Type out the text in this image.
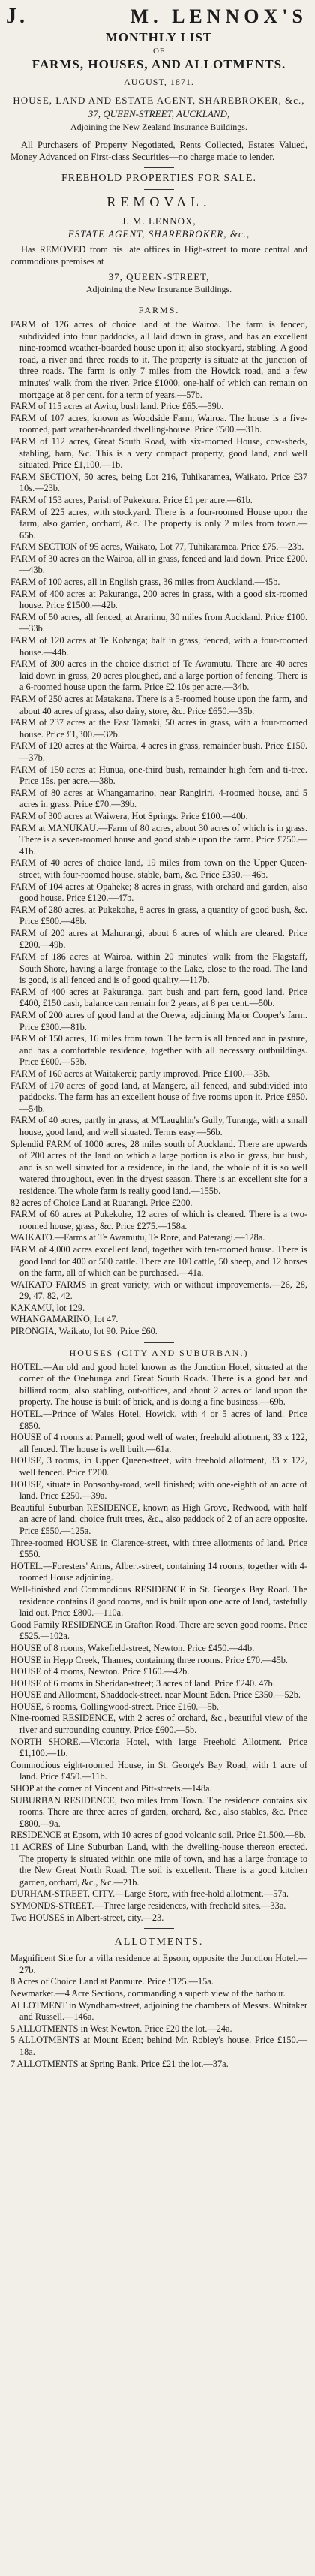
J.	M. LENNOX'S
MONTHLY LIST
OF
FARMS, HOUSES, AND ALLOTMENTS.
AUGUST, 1871.
HOUSE, LAND AND ESTATE AGENT, SHAREBROKER, &c.,
37, QUEEN-STREET, AUCKLAND,
Adjoining the New Zealand Insurance Buildings.

All Purchasers of Property Negotiated, Rents Collected, Estates Valued, Money Advanced on First-class Securities—no charge made to lender.

FREEHOLD PROPERTIES FOR SALE.
REMOVAL.
J. M. LENNOX,
ESTATE AGENT, SHAREBROKER, &c.,

Has REMOVED from his late offices in High-street to more central and commodious premises at

37, QUEEN-STREET,
Adjoining the New Insurance Buildings.
FARMS.

FARM of 126 acres of choice land at the Wairoa. The farm is fenced, subdivided into four paddocks, all laid down in grass, and has an excellent nine-roomed weather-boarded house upon it; also stockyard, stabling. A good road, a river and three roads to it. The property is situate at the junction of three roads. The farm is only 7 miles from the Howick road, and a few minutes' walk from the river. Price £1000, one-half of which can remain on mortgage at 8 per cent. for a term of years.—57b.

FARM of 115 acres at Awitu, bush land. Price £65.—59b.

FARM of 107 acres, known as Woodside Farm, Wairoa. The house is a five-roomed, part weather-boarded dwelling-house. Price £500.—31b.

FARM of 112 acres, Great South Road, with six-roomed House, cow-sheds, stabling, barn, &c. This is a very compact property, good land, and well situated. Price £1,100.—1b.

FARM SECTION, 50 acres, being Lot 216, Tuhikaramea, Waikato. Price £37 10s.—23b.

FARM of 153 acres, Parish of Pukekura. Price £1 per acre.—61b.

FARM of 225 acres, with stockyard. There is a four-roomed House upon the farm, also garden, orchard, &c. The property is only 2 miles from town.—65b.

FARM SECTION of 95 acres, Waikato, Lot 77, Tuhikaramea. Price £75.—23b.

FARM of 30 acres on the Wairoa, all in grass, fenced and laid down. Price £200.—43b.

FARM of 100 acres, all in English grass, 36 miles from Auckland.—45b.

FARM of 400 acres at Pakuranga, 200 acres in grass, with a good six-roomed house. Price £1500.—42b.

FARM of 50 acres, all fenced, at Ararimu, 30 miles from Auckland. Price £100.—33b.

FARM of 120 acres at Te Kohanga; half in grass, fenced, with a four-roomed house.—44b.

FARM of 300 acres in the choice district of Te Awamutu. There are 40 acres laid down in grass, 20 acres ploughed, and a large portion of fencing. There is a 6-roomed house upon the farm. Price £2.10s per acre.—34b.

FARM of 250 acres at Matakana. There is a 5-roomed house upon the farm, and about 40 acres of grass, also dairy, store, &c. Price £650.—35b.

FARM of 237 acres at the East Tamaki, 50 acres in grass, with a four-roomed house. Price £1,300.—32b.

FARM of 120 acres at the Wairoa, 4 acres in grass, remainder bush. Price £150.—37b.

FARM of 150 acres at Hunua, one-third bush, remainder high fern and ti-tree. Price 15s. per acre.—38b.

FARM of 80 acres at Whangamarino, near Rangiriri, 4-roomed house, and 5 acres in grass. Price £70.—39b.

FARM of 300 acres at Waiwera, Hot Springs. Price £100.—40b.

FARM at MANUKAU.—Farm of 80 acres, about 30 acres of which is in grass. There is a seven-roomed house and good stable upon the farm. Price £750.—41b.

FARM of 40 acres of choice land, 19 miles from town on the Upper Queen-street, with four-roomed house, stable, barn, &c. Price £350.—46b.

FARM of 104 acres at Opaheke; 8 acres in grass, with orchard and garden, also good house. Price £120.—47b.

FARM of 280 acres, at Pukekohe, 8 acres in grass, a quantity of good bush, &c. Price £500.—48b.

FARM of 200 acres at Mahurangi, about 6 acres of which are cleared. Price £200.—49b.

FARM of 186 acres at Wairoa, within 20 minutes' walk from the Flagstaff, South Shore, having a large frontage to the Lake, close to the road. The land is good, is all fenced and is of good quality.—117b.

FARM of 400 acres at Pakuranga, part bush and part fern, good land. Price £400, £150 cash, balance can remain for 2 years, at 8 per cent.—50b.

FARM of 200 acres of good land at the Orewa, adjoining Major Cooper's farm. Price £300.—81b.

FARM of 150 acres, 16 miles from town. The farm is all fenced and in pasture, and has a comfortable residence, together with all necessary outbuildings. Price £600.—53b.

FARM of 160 acres at Waitakerei; partly improved. Price £100.—33b.

FARM of 170 acres of good land, at Mangere, all fenced, and subdivided into paddocks. The farm has an excellent house of five rooms upon it. Price £850.—54b.

FARM of 40 acres, partly in grass, at M'Laughlin's Gully, Turanga, with a small house, good land, and well situated. Terms easy.—56b.

Splendid FARM of 1000 acres, 28 miles south of Auckland. There are upwards of 200 acres of the land on which a large portion is also in grass, but bush, and is so well situated for a residence, in the land, the whole of it is so well watered throughout, even in the dryest season. There is an excellent site for a residence. The whole farm is really good land.—155b.

82 acres of Choice Land at Ruarangi. Price £200.

FARM of 60 acres at Pukekohe, 12 acres of which is cleared. There is a two-roomed house, grass, &c. Price £275.—158a.

WAIKATO.—Farms at Te Awamutu, Te Rore, and Paterangi.—128a.

FARM of 4,000 acres excellent land, together with ten-roomed house. There is good land for 400 or 500 cattle. There are 100 cattle, 50 sheep, and 12 horses on the farm, all of which can be purchased.—41a.

WAIKATO FARMS in great variety, with or without improvements.—26, 28, 29, 47, 82, 42.

KAKAMU, lot 129.

WHANGAMARINO, lot 47.

PIRONGIA, Waikato, lot 90. Price £60.

HOUSES (CITY AND SUBURBAN.)

HOTEL.—An old and good hotel known as the Junction Hotel, situated at the corner of the Onehunga and Great South Roads. There is a good bar and billiard room, also stabling, out-offices, and about 2 acres of land upon the property. The house is built of brick, and is doing a fine business.—69b.

HOTEL.—Prince of Wales Hotel, Howick, with 4 or 5 acres of land. Price £850.

HOUSE of 4 rooms at Parnell; good well of water, freehold allotment, 33 x 122, all fenced. The house is well built.—61a.

HOUSE, 3 rooms, in Upper Queen-street, with freehold allotment, 33 x 122, well fenced. Price £200.

HOUSE, situate in Ponsonby-road, well finished; with one-eighth of an acre of land. Price £250.—39a.

Beautiful Suburban RESIDENCE, known as High Grove, Redwood, with half an acre of land, choice fruit trees, &c., also paddock of 2 of an acre opposite. Price £550.—125a.

Three-roomed HOUSE in Clarence-street, with three allotments of land. Price £550.

HOTEL.—Foresters' Arms, Albert-street, containing 14 rooms, together with 4-roomed House adjoining.

Well-finished and Commodious RESIDENCE in St. George's Bay Road. The residence contains 8 good rooms, and is built upon one acre of land, tastefully laid out. Price £800.—110a.

Good Family RESIDENCE in Grafton Road. There are seven good rooms. Price £525.—102a.

HOUSE of 8 rooms, Wakefield-street, Newton. Price £450.—44b.

HOUSE in Hepp Creek, Thames, containing three rooms. Price £70.—45b.

HOUSE of 4 rooms, Newton. Price £160.—42b.

HOUSE of 6 rooms in Sheridan-street; 3 acres of land. Price £240. 47b.

HOUSE and Allotment, Shaddock-street, near Mount Eden. Price £350.—52b.

HOUSE, 6 rooms, Collingwood-street. Price £160.—5b.

Nine-roomed RESIDENCE, with 2 acres of orchard, &c., beautiful view of the river and surrounding country. Price £600.—5b.

NORTH SHORE.—Victoria Hotel, with large Freehold Allotment. Price £1,100.—1b.

Commodious eight-roomed House, in St. George's Bay Road, with 1 acre of land. Price £450.—11b.

SHOP at the corner of Vincent and Pitt-streets.—148a.

SUBURBAN RESIDENCE, two miles from Town. The residence contains six rooms. There are three acres of garden, orchard, &c., also stables, &c. Price £800.—9a.

RESIDENCE at Epsom, with 10 acres of good volcanic soil. Price £1,500.—8b.

11 ACRES of Line Suburban Land, with the dwelling-house thereon erected. The property is situated within one mile of town, and has a large frontage to the New Great North Road. The soil is excellent. There is a good kitchen garden, orchard, &c., &c.—21b.

DURHAM-STREET, CITY.—Large Store, with free-hold allotment.—57a.

SYMONDS-STREET.—Three large residences, with freehold sites.—33a.

Two HOUSES in Albert-street, city.—23.

ALLOTMENTS.

Magnificent Site for a villa residence at Epsom, opposite the Junction Hotel.—27b.

8 Acres of Choice Land at Panmure. Price £125.—15a.

Newmarket.—4 Acre Sections, commanding a superb view of the harbour.

ALLOTMENT in Wyndham-street, adjoining the chambers of Messrs. Whitaker and Russell.—146a.

5 ALLOTMENTS in West Newton. Price £20 the lot.—24a.

5 ALLOTMENTS at Mount Eden; behind Mr. Robley's house. Price £150.—18a.

7 ALLOTMENTS at Spring Bank. Price £21 the lot.—37a.
